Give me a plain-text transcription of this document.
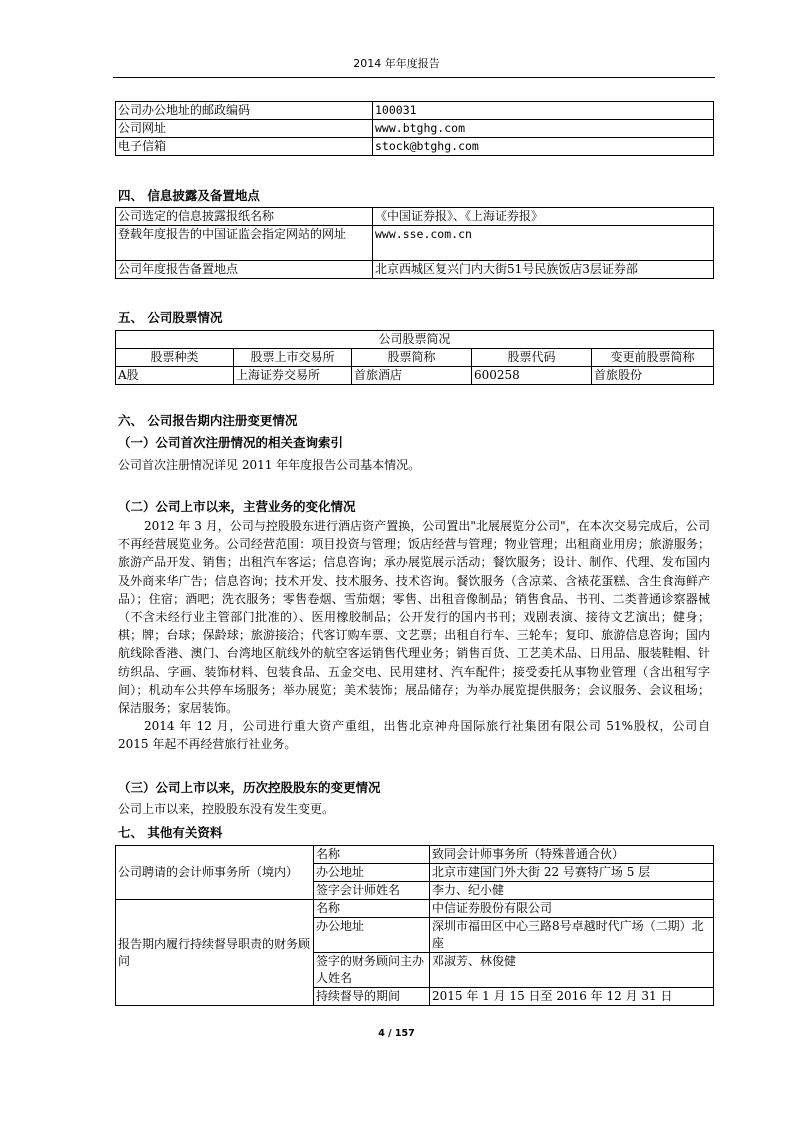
2014 年年度报告
公司办公地址的邮政编码	100031
公司网址	www.btghg.com
电子信箱	stock@btghg.com
四、 信息披露及备置地点
公司选定的信息披露报纸名称	《中国证券报》、《上海证券报》
登载年度报告的中国证监会指定网站的网址	www.sse.com.cn
公司年度报告备置地点	北京西城区复兴门内大街51号民族饭店3层证券部
五、 公司股票情况
公司股票简况				
股票种类	股票上市交易所	股票简称	股票代码	变更前股票简称
A股	上海证券交易所	首旅酒店	600258	首旅股份
六、 公司报告期内注册变更情况
（一）公司首次注册情况的相关查询索引
公司首次注册情况详见 2011 年年度报告公司基本情况。
（二）公司上市以来，主营业务的变化情况

2012 年 3 月，公司与控股股东进行酒店资产置换，公司置出"北展展览分公司"，在本次交易完成后，公司不再经营展览业务。公司经营范围：项目投资与管理；饭店经营与管理；物业管理；出租商业用房；旅游服务；旅游产品开发、销售；出租汽车客运；信息咨询；承办展览展示活动；餐饮服务；设计、制作、代理、发布国内及外商来华广告；信息咨询；技术开发、技术服务、技术咨询。餐饮服务（含凉菜、含裱花蛋糕、含生食海鲜产品）；住宿；酒吧；洗衣服务；零售卷烟、雪茄烟；零售、出租音像制品；销售食品、书刊、二类普通诊察器械（不含未经行业主管部门批准的）、医用橡胶制品；公开发行的国内书刊；戏剧表演、接待文艺演出；健身；棋；牌；台球；保龄球；旅游接洽；代客订购车票、文艺票；出租自行车、三轮车；复印、旅游信息咨询；国内航线除香港、澳门、台湾地区航线外的航空客运销售代理业务；销售百货、工艺美术品、日用品、服装鞋帽、针纺织品、字画、装饰材料、包装食品、五金交电、民用建材、汽车配件；接受委托从事物业管理（含出租写字间）；机动车公共停车场服务；举办展览；美术装饰；展品储存；为举办展览提供服务；会议服务、会议租场；保洁服务；家居装饰。

2014 年 12 月，公司进行重大资产重组，出售北京神舟国际旅行社集团有限公司 51%股权，公司自 2015 年起不再经营旅行社业务。

（三）公司上市以来，历次控股股东的变更情况
公司上市以来，控股股东没有发生变更。
七、 其他有关资料
公司聘请的会计师事务所（境内）	名称	致同会计师事务所（特殊普通合伙）
	办公地址	北京市建国门外大街 22 号赛特广场 5 层
	签字会计师姓名	李力、纪小健
报告期内履行持续督导职责的财务顾问	名称	中信证券股份有限公司
	办公地址	深圳市福田区中心三路8号卓越时代广场（二期）北座
	签字的财务顾问主办人姓名	邓淑芳、林俊健
	持续督导的期间	2015 年 1 月 15 日至 2016 年 12 月 31 日
4 / 157
